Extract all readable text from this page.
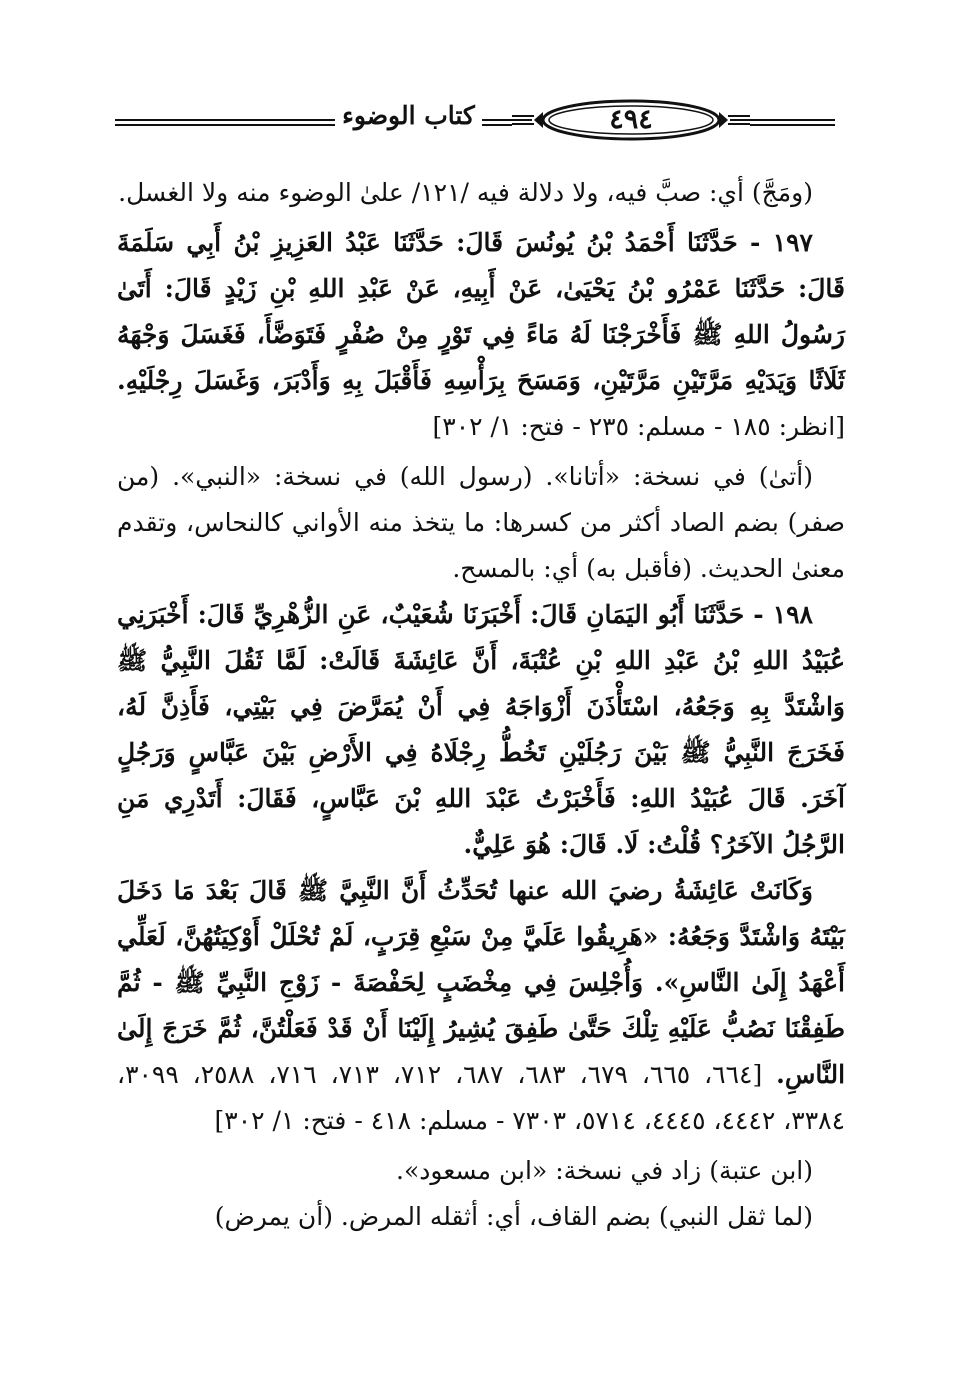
٤٩٤
كتاب الوضوء

(ومَجَّ) أي: صبَّ فيه، ولا دلالة فيه /١٢١/ علىٰ الوضوء منه ولا الغسل.

١٩٧ - حَدَّثَنَا أَحْمَدُ بْنُ يُونُسَ قَالَ: حَدَّثَنَا عَبْدُ العَزِيزِ بْنُ أَبِي سَلَمَةَ قَالَ: حَدَّثَنَا عَمْرُو بْنُ يَحْيَىٰ، عَنْ أَبِيهِ، عَنْ عَبْدِ اللهِ بْنِ زَيْدٍ قَالَ: أَتَىٰ رَسُولُ اللهِ ﷺ فَأَخْرَجْنَا لَهُ مَاءً فِي تَوْرٍ مِنْ صُفْرٍ فَتَوَضَّأَ، فَغَسَلَ وَجْهَهُ ثَلَاثًا وَيَدَيْهِ مَرَّتَيْنِ مَرَّتَيْنِ، وَمَسَحَ بِرَأْسِهِ فَأَقْبَلَ بِهِ وَأَدْبَرَ، وَغَسَلَ رِجْلَيْهِ. [انظر: ١٨٥ - مسلم: ٢٣٥ - فتح: ١/ ٣٠٢]

(أتىٰ) في نسخة: «أتانا». (رسول الله) في نسخة: «النبي». (من صفر) بضم الصاد أكثر من كسرها: ما يتخذ منه الأواني كالنحاس، وتقدم معنىٰ الحديث. (فأقبل به) أي: بالمسح.

١٩٨ - حَدَّثَنَا أَبُو اليَمَانِ قَالَ: أَخْبَرَنَا شُعَيْبٌ، عَنِ الزُّهْرِيِّ قَالَ: أَخْبَرَنِي عُبَيْدُ اللهِ بْنُ عَبْدِ اللهِ بْنِ عُتْبَةَ، أَنَّ عَائِشَةَ قَالَتْ: لَمَّا ثَقُلَ النَّبِيُّ ﷺ وَاشْتَدَّ بِهِ وَجَعُهُ، اسْتَأْذَنَ أَزْوَاجَهُ فِي أَنْ يُمَرَّضَ فِي بَيْتِي، فَأَذِنَّ لَهُ، فَخَرَجَ النَّبِيُّ ﷺ بَيْنَ رَجُلَيْنِ تَخُطُّ رِجْلَاهُ فِي الأَرْضِ بَيْنَ عَبَّاسٍ وَرَجُلٍ آخَرَ. قَالَ عُبَيْدُ اللهِ: فَأَخْبَرْتُ عَبْدَ اللهِ بْنَ عَبَّاسٍ، فَقَالَ: أَتَدْرِي مَنِ الرَّجُلُ الآخَرُ؟ قُلْتُ: لَا. قَالَ: هُوَ عَلِيٌّ.

وَكَانَتْ عَائِشَةُ رضيَ الله عنها تُحَدِّثُ أَنَّ النَّبِيَّ ﷺ قَالَ بَعْدَ مَا دَخَلَ بَيْتَهُ وَاشْتَدَّ وَجَعُهُ: «هَرِيقُوا عَلَيَّ مِنْ سَبْعِ قِرَبٍ، لَمْ تُحْلَلْ أَوْكِيَتُهُنَّ، لَعَلِّي أَعْهَدُ إِلَىٰ النَّاسِ». وَأُجْلِسَ فِي مِخْضَبٍ لِحَفْصَةَ - زَوْجِ النَّبِيِّ ﷺ - ثُمَّ طَفِقْنَا نَصُبُّ عَلَيْهِ تِلْكَ حَتَّىٰ طَفِقَ يُشِيرُ إِلَيْنَا أَنْ قَدْ فَعَلْتُنَّ، ثُمَّ خَرَجَ إِلَىٰ النَّاسِ. [٦٦٤، ٦٦٥، ٦٧٩، ٦٨٣، ٦٨٧، ٧١٢، ٧١٣، ٧١٦، ٢٥٨٨، ٣٠٩٩، ٣٣٨٤، ٤٤٤٢، ٤٤٤٥، ٥٧١٤، ٧٣٠٣ - مسلم: ٤١٨ - فتح: ١/ ٣٠٢]

(ابن عتبة) زاد في نسخة: «ابن مسعود».

(لما ثقل النبي) بضم القاف، أي: أثقله المرض. (أن يمرض)
